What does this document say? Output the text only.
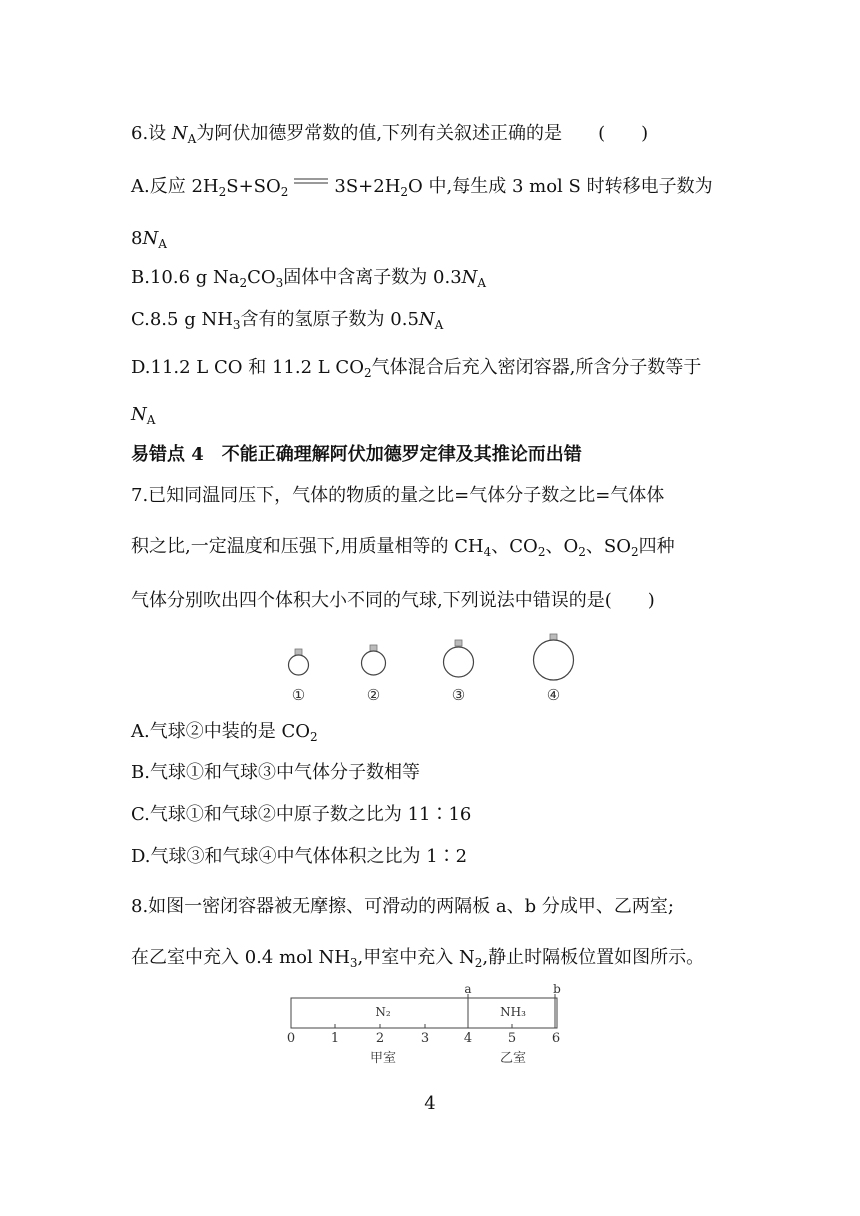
6.设 $N_A$为阿伏加德罗常数的值,下列有关叙述正确的是 (　　)
A.反应 $2H_2S+SO_2$	$3S+2H_2O$ 中,每生成 3 mol S 时转移电子数为
$8N_A$
B.10.6 g $Na_2CO_3$固体中含离子数为 $0.3N_A$
C.8.5 g $NH_3$含有的氢原子数为 $0.5N_A$
D.11.2 L CO 和 11.2 L $CO_2$气体混合后充入密闭容器,所含分子数等于
$N_A$
易错点 4　不能正确理解阿伏加德罗定律及其推论而出错
7.已知同温同压下，气体的物质的量之比=气体分子数之比=气体体
积之比,一定温度和压强下,用质量相等的 $CH_4$、$CO_2$、$O_2$、$SO_2$四种
气体分别吹出四个体积大小不同的气球,下列说法中错误的是(　　)
①	②	③	④
A.气球②中装的是 $CO_2$
B.气球①和气球③中气体分子数相等
C.气球①和气球②中原子数之比为 11∶16
D.气球③和气球④中气体体积之比为 1∶2
8.如图一密闭容器被无摩擦、可滑动的两隔板 a、b 分成甲、乙两室;
在乙室中充入 0.4 mol $NH_3$,甲室中充入 $N_2$,静止时隔板位置如图所示。
a	b
N₂	NH₃
0	1	2	3	4	5	6
甲室	乙室
4
